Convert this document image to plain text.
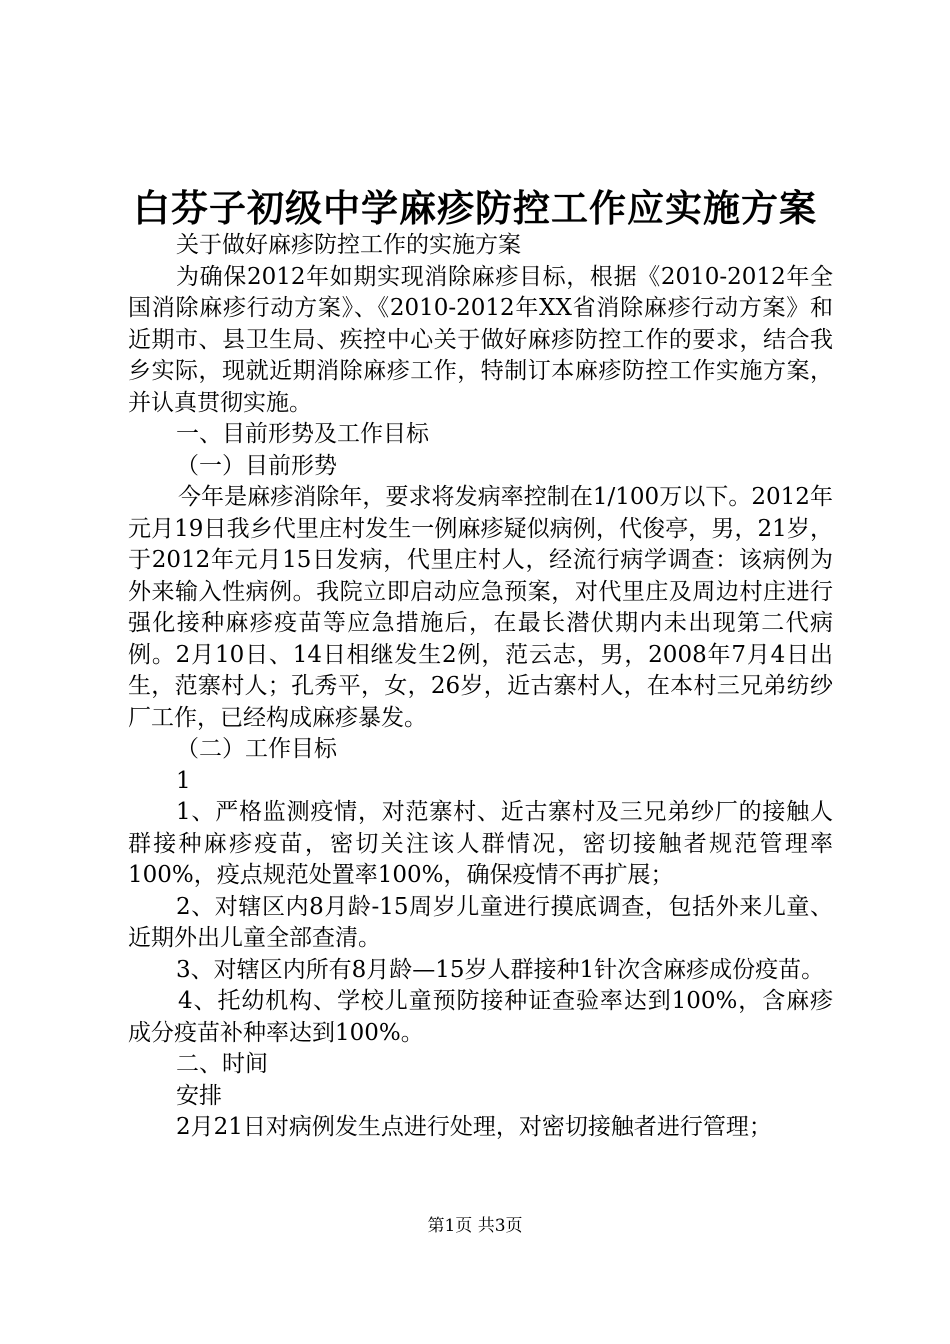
白芬子初级中学麻疹防控工作应实施方案

关于做好麻疹防控工作的实施方案

为确保2012年如期实现消除麻疹目标，根据《2010-2012年全国消除麻疹行动方案》、《2010-2012年XX省消除麻疹行动方案》和近期市、县卫生局、疾控中心关于做好麻疹防控工作的要求，结合我乡实际，现就近期消除麻疹工作，特制订本麻疹防控工作实施方案，并认真贯彻实施。

一、目前形势及工作目标

（一）目前形势

今年是麻疹消除年，要求将发病率控制在1/100万以下。2012年元月19日我乡代里庄村发生一例麻疹疑似病例，代俊亭，男，21岁，于2012年元月15日发病，代里庄村人，经流行病学调查：该病例为外来输入性病例。我院立即启动应急预案，对代里庄及周边村庄进行强化接种麻疹疫苗等应急措施后，在最长潜伏期内未出现第二代病例。2月10日、14日相继发生2例，范云志，男，2008年7月4日出生，范寨村人；孔秀平，女，26岁，近古寨村人，在本村三兄弟纺纱厂工作，已经构成麻疹暴发。

（二）工作目标

1

1、严格监测疫情，对范寨村、近古寨村及三兄弟纱厂的接触人群接种麻疹疫苗，密切关注该人群情况，密切接触者规范管理率100%，疫点规范处置率100%，确保疫情不再扩展；

2、对辖区内8月龄-15周岁儿童进行摸底调查，包括外来儿童、近期外出儿童全部查清。

3、对辖区内所有8月龄—15岁人群接种1针次含麻疹成份疫苗。

4、托幼机构、学校儿童预防接种证查验率达到100%，含麻疹成分疫苗补种率达到100%。

二、时间

安排

2月21日对病例发生点进行处理，对密切接触者进行管理；

第1页 共3页
